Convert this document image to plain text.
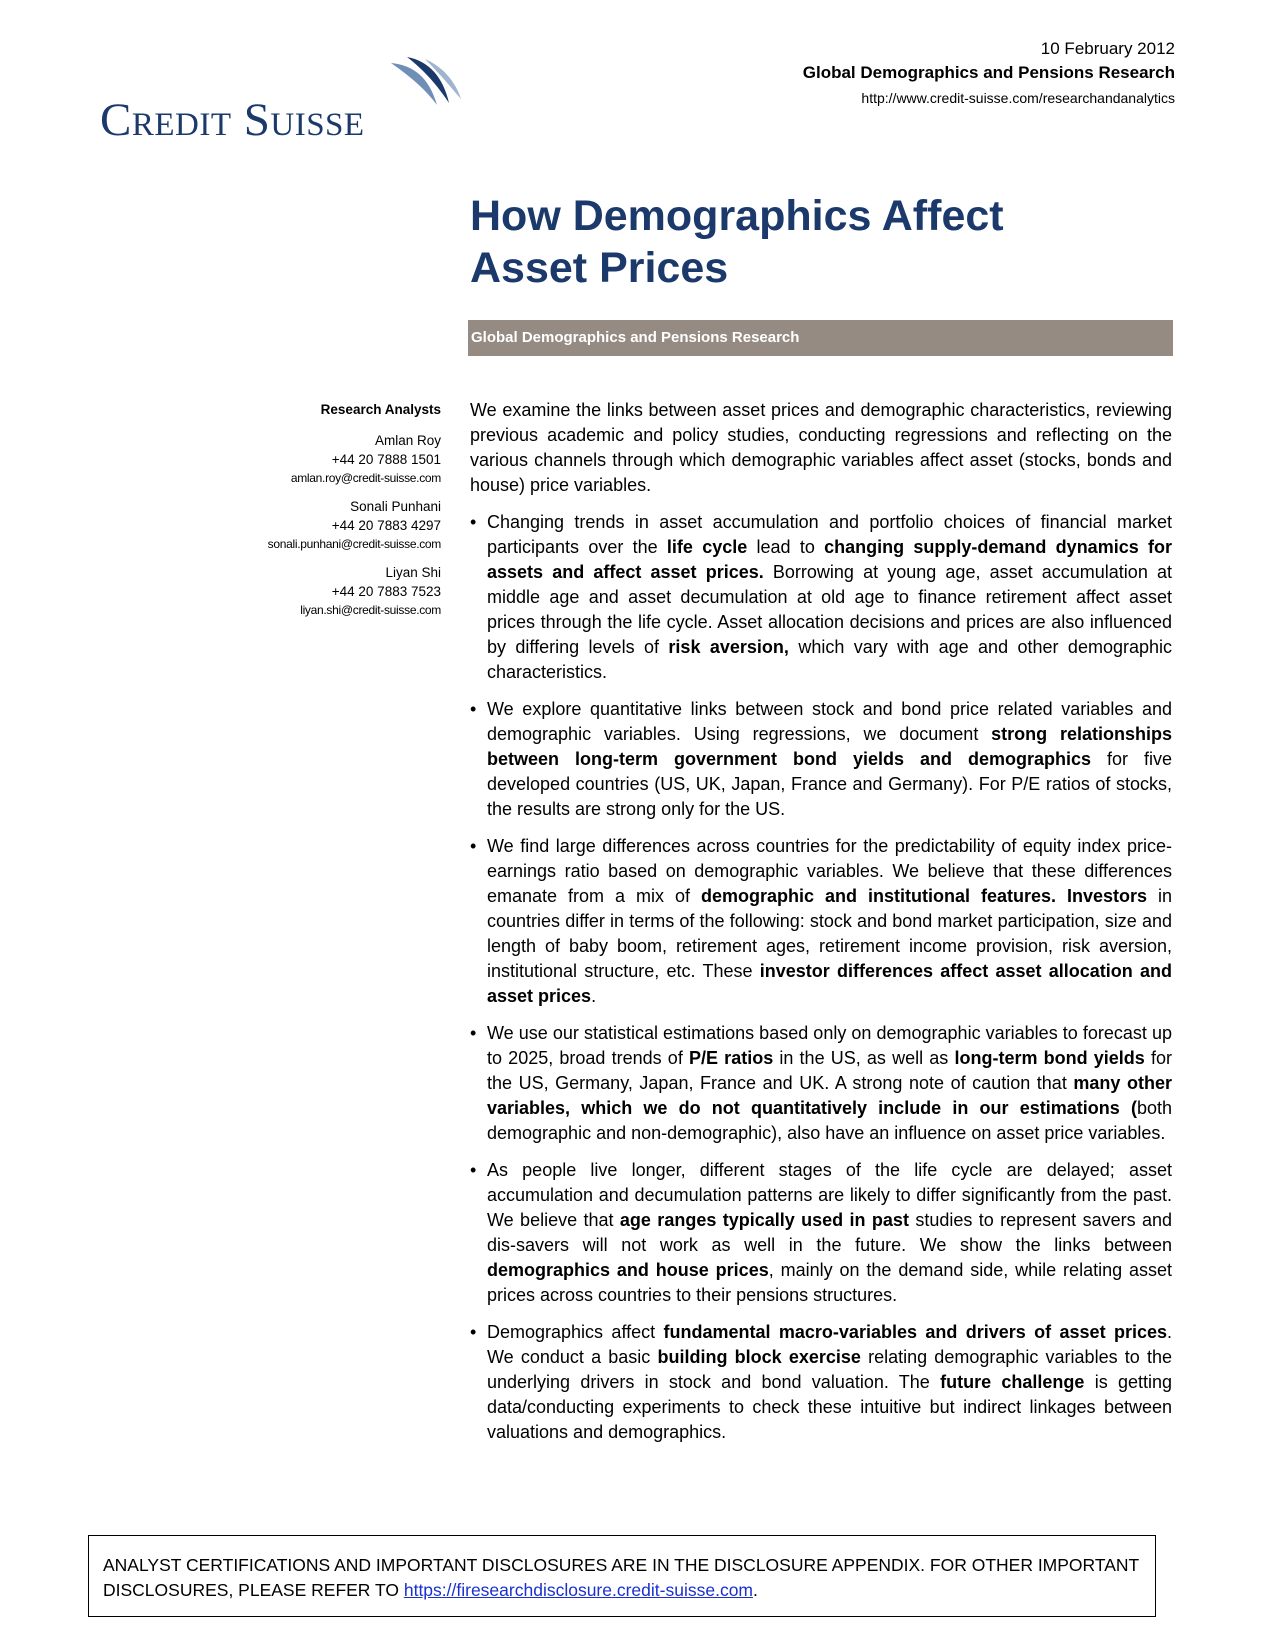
Credit Suisse
10 February 2012
Global Demographics and Pensions Research
http://www.credit-suisse.com/researchandanalytics
How Demographics Affect
Asset Prices
Global Demographics and Pensions Research
Research Analysts
Amlan Roy
+44 20 7888 1501
amlan.roy@credit-suisse.com
Sonali Punhani
+44 20 7883 4297
sonali.punhani@credit-suisse.com
Liyan Shi
+44 20 7883 7523
liyan.shi@credit-suisse.com

We examine the links between asset prices and demographic characteristics, reviewing previous academic and policy studies, conducting regressions and reflecting on the various channels through which demographic variables affect asset (stocks, bonds and house) price variables.

• Changing trends in asset accumulation and portfolio choices of financial market participants over the life cycle lead to changing supply-demand dynamics for assets and affect asset prices. Borrowing at young age, asset accumulation at middle age and asset decumulation at old age to finance retirement affect asset prices through the life cycle. Asset allocation decisions and prices are also influenced by differing levels of risk aversion, which vary with age and other demographic characteristics.
• We explore quantitative links between stock and bond price related variables and demographic variables. Using regressions, we document strong relationships between long-term government bond yields and demographics for five developed countries (US, UK, Japan, France and Germany). For P/E ratios of stocks, the results are strong only for the US.
• We find large differences across countries for the predictability of equity index price-earnings ratio based on demographic variables. We believe that these differences emanate from a mix of demographic and institutional features. Investors in countries differ in terms of the following: stock and bond market participation, size and length of baby boom, retirement ages, retirement income provision, risk aversion, institutional structure, etc. These investor differences affect asset allocation and asset prices.
• We use our statistical estimations based only on demographic variables to forecast up to 2025, broad trends of P/E ratios in the US, as well as long-term bond yields for the US, Germany, Japan, France and UK. A strong note of caution that many other variables, which we do not quantitatively include in our estimations (both demographic and non-demographic), also have an influence on asset price variables.
• As people live longer, different stages of the life cycle are delayed; asset accumulation and decumulation patterns are likely to differ significantly from the past. We believe that age ranges typically used in past studies to represent savers and dis-savers will not work as well in the future. We show the links between demographics and house prices, mainly on the demand side, while relating asset prices across countries to their pensions structures.
• Demographics affect fundamental macro-variables and drivers of asset prices. We conduct a basic building block exercise relating demographic variables to the underlying drivers in stock and bond valuation. The future challenge is getting data/conducting experiments to check these intuitive but indirect linkages between valuations and demographics.
ANALYST CERTIFICATIONS AND IMPORTANT DISCLOSURES ARE IN THE DISCLOSURE APPENDIX. FOR OTHER IMPORTANT DISCLOSURES, PLEASE REFER TO https://firesearchdisclosure.credit-suisse.com.
